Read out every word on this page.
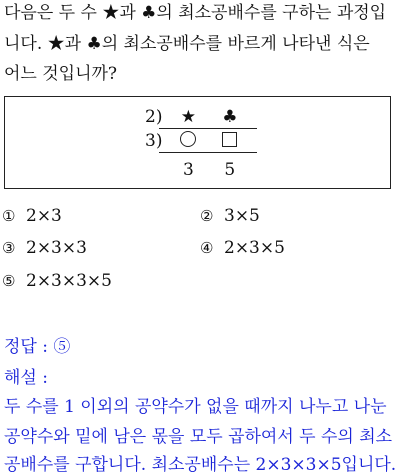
다음은 두 수 ★과 ♣의 최소공배수를 구하는 과정입
니다. ★과 ♣의 최소공배수를 바르게 나타낸 식은
어느 것입니까?
2) ★ ♣
3)
3 5
① 2×3	② 3×5
③ 2×3×3	④ 2×3×5
⑤ 2×3×3×5
정답 : ⑤
해설 :
두 수를 1 이외의 공약수가 없을 때까지 나누고 나눈
공약수와 밑에 남은 몫을 모두 곱하여서 두 수의 최소
공배수를 구합니다. 최소공배수는 2×3×3×5입니다.
